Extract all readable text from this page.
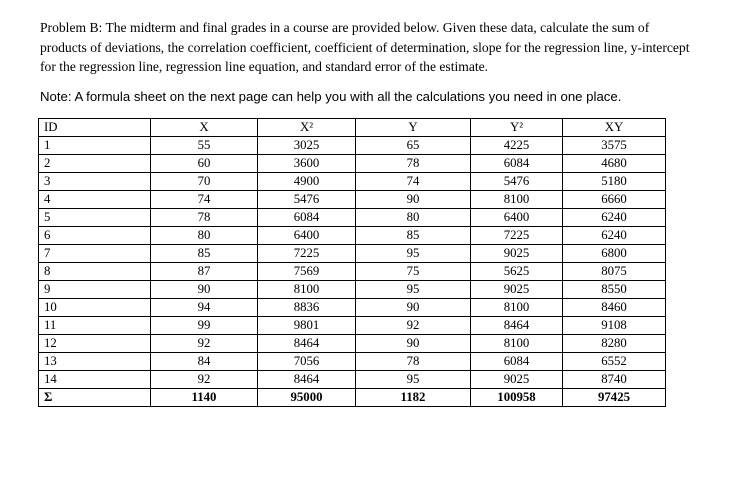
Problem B: The midterm and final grades in a course are provided below. Given these data, calculate the sum of products of deviations, the correlation coefficient, coefficient of determination, slope for the regression line, y-intercept for the regression line, regression line equation, and standard error of the estimate.

Note: A formula sheet on the next page can help you with all the calculations you need in one place.

ID	X	X²	Y	Y²	XY
1	55	3025	65	4225	3575
2	60	3600	78	6084	4680
3	70	4900	74	5476	5180
4	74	5476	90	8100	6660
5	78	6084	80	6400	6240
6	80	6400	85	7225	6240
7	85	7225	95	9025	6800
8	87	7569	75	5625	8075
9	90	8100	95	9025	8550
10	94	8836	90	8100	8460
11	99	9801	92	8464	9108
12	92	8464	90	8100	8280
13	84	7056	78	6084	6552
14	92	8464	95	9025	8740
Σ	1140	95000	1182	100958	97425
